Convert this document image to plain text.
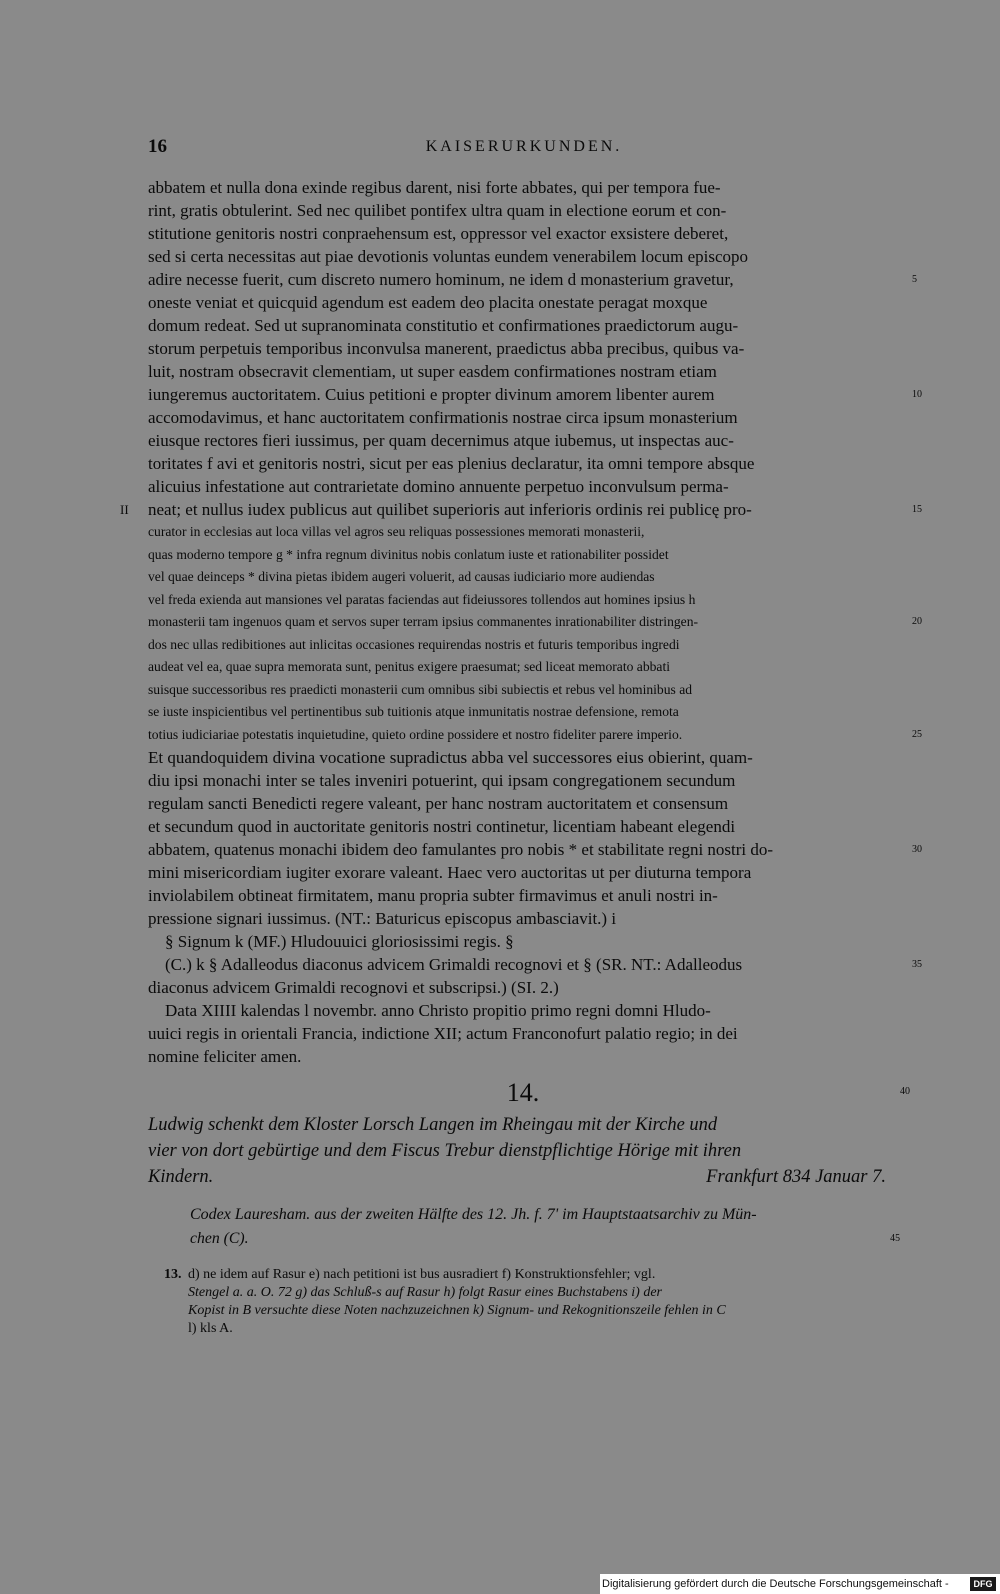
16	KAISERURKUNDEN.
abbatem et nulla dona exinde regibus darent, nisi forte abbates, qui per tempora fue-
rint, gratis obtulerint. Sed nec quilibet pontifex ultra quam in electione eorum et con-
stitutione genitoris nostri conpraehensum est, oppressor vel exactor exsistere deberet,
sed si certa necessitas aut piae devotionis voluntas eundem venerabilem locum episcopo
adire necesse fuerit, cum discreto numero hominum, ne idem d monasterium gravetur,	5
oneste veniat et quicquid agendum est eadem deo placita onestate peragat moxque
domum redeat. Sed ut supranominata constitutio et confirmationes praedictorum augu-
storum perpetuis temporibus inconvulsa manerent, praedictus abba precibus, quibus va-
luit, nostram obsecravit clementiam, ut super easdem confirmationes nostram etiam
iungeremus auctoritatem. Cuius petitioni e propter divinum amorem libenter aurem	10
accomodavimus, et hanc auctoritatem confirmationis nostrae circa ipsum monasterium
eiusque rectores fieri iussimus, per quam decernimus atque iubemus, ut inspectas auc-
toritates f avi et genitoris nostri, sicut per eas plenius declaratur, ita omni tempore absque
alicuius infestatione aut contrarietate domino annuente perpetuo inconvulsum perma-
neat; et nullus iudex publicus aut quilibet superioris aut inferioris ordinis rei publicę pro-	15
II
curator in ecclesias aut loca villas vel agros seu reliquas possessiones memorati monasterii,
quas moderno tempore g * infra regnum divinitus nobis conlatum iuste et rationabiliter possidet
vel quae deinceps * divina pietas ibidem augeri voluerit, ad causas iudiciario more audiendas
vel freda exienda aut mansiones vel paratas faciendas aut fideiussores tollendos aut homines ipsius h
monasterii tam ingenuos quam et servos super terram ipsius commanentes inrationabiliter distringen-	20
dos nec ullas redibitiones aut inlicitas occasiones requirendas nostris et futuris temporibus ingredi
audeat vel ea, quae supra memorata sunt, penitus exigere praesumat; sed liceat memorato abbati
suisque successoribus res praedicti monasterii cum omnibus sibi subiectis et rebus vel hominibus ad
se iuste inspicientibus vel pertinentibus sub tuitionis atque inmunitatis nostrae defensione, remota
totius iudiciariae potestatis inquietudine, quieto ordine possidere et nostro fideliter parere imperio.	25
Et quandoquidem divina vocatione supradictus abba vel successores eius obierint, quam-
diu ipsi monachi inter se tales inveniri potuerint, qui ipsam congregationem secundum
regulam sancti Benedicti regere valeant, per hanc nostram auctoritatem et consensum
et secundum quod in auctoritate genitoris nostri continetur, licentiam habeant elegendi
abbatem, quatenus monachi ibidem deo famulantes pro nobis * et stabilitate regni nostri do-	30
mini misericordiam iugiter exorare valeant. Haec vero auctoritas ut per diuturna tempora
inviolabilem obtineat firmitatem, manu propria subter firmavimus et anuli nostri in-
pressione signari iussimus. (NT.: Baturicus episcopus ambasciavit.) i
§ Signum k (MF.) Hludouuici gloriosissimi regis. §
(C.) k § Adalleodus diaconus advicem Grimaldi recognovi et § (SR. NT.: Adalleodus	35
diaconus advicem Grimaldi recognovi et subscripsi.) (SI. 2.)
Data XIIII kalendas l novembr. anno Christo propitio primo regni domni Hludo-
uuici regis in orientali Francia, indictione XII; actum Franconofurt palatio regio; in dei
nomine feliciter amen.
14.	40
Ludwig schenkt dem Kloster Lorsch Langen im Rheingau mit der Kirche und
vier von dort gebürtige und dem Fiscus Trebur dienstpflichtige Hörige mit ihren
Kindern.	Frankfurt 834 Januar 7.
Codex Lauresham. aus der zweiten Hälfte des 12. Jh. f. 7' im Hauptstaatsarchiv zu Mün-
chen (C).	45
13. d) ne idem auf Rasur e) nach petitioni ist bus ausradiert f) Konstruktionsfehler; vgl.
Stengel a. a. O. 72 g) das Schluß-s auf Rasur h) folgt Rasur eines Buchstabens i) der
Kopist in B versuchte diese Noten nachzuzeichnen k) Signum- und Rekognitionszeile fehlen in C
l) kls A.
Digitalisierung gefördert durch die Deutsche Forschungsgemeinschaft -	DFG
